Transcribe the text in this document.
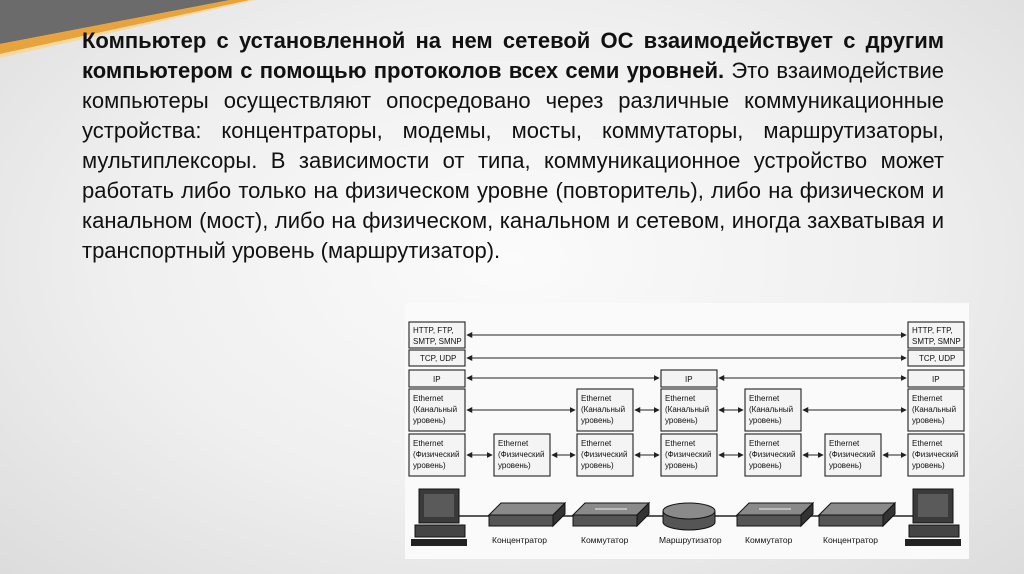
Компьютер с установленной на нем сетевой ОС взаимодействует с другим компьютером с помощью протоколов всех семи уровней. Это взаимодействие компьютеры осуществляют опосредовано через различные коммуникационные устройства: концентраторы, модемы, мосты, коммутаторы, маршрутизаторы, мультиплексоры. В зависимости от типа, коммуникационное устройство может работать либо только на физическом уровне (повторитель), либо на физическом и канальном (мост), либо на физическом, канальном и сетевом, иногда захватывая и транспортный уровень (маршрутизатор).
HTTP, FTP,
SMTP, SMNP
TCP, UDP
IP
Ethernet
(Канальный
уровень)
Ethernet
(Физический
уровень)
HTTP, FTP,
SMTP, SMNP
TCP, UDP
IP
Ethernet
(Канальный
уровень)
Ethernet
(Физический
уровень)
Ethernet
(Физический
уровень)
Ethernet
(Канальный
уровень)
Ethernet
(Физический
уровень)
IP
Ethernet
(Канальный
уровень)
Ethernet
(Физический
уровень)
Ethernet
(Канальный
уровень)
Ethernet
(Физический
уровень)
Ethernet
(Физический
уровень)
Концентратор	Коммутатор	Маршрутизатор	Коммутатор	Концентратор
